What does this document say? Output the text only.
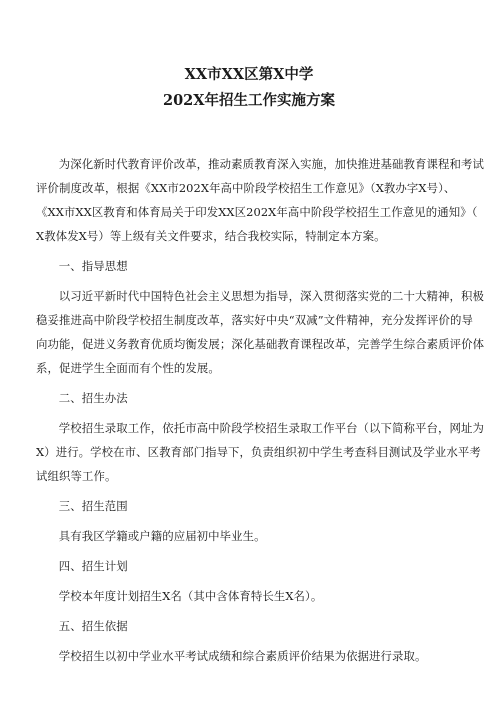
XX市XX区第X中学

202X年招生工作实施方案

为深化新时代教育评价改革，推动素质教育深入实施，加快推进基础教育课程和考试
评价制度改革，根据《XX市202X年高中阶段学校招生工作意见》（X教办字X号）、
《XX市XX区教育和体育局关于印发XX区202X年高中阶段学校招生工作意见的通知》（
X教体发X号）等上级有关文件要求，结合我校实际，特制定本方案。

一、指导思想

以习近平新时代中国特色社会主义思想为指导，深入贯彻落实党的二十大精神，积极
稳妥推进高中阶段学校招生制度改革，落实好中央“双减”文件精神，充分发挥评价的导
向功能，促进义务教育优质均衡发展；深化基础教育课程改革，完善学生综合素质评价体
系，促进学生全面而有个性的发展。

二、招生办法

学校招生录取工作，依托市高中阶段学校招生录取工作平台（以下简称平台，网址为
X）进行。学校在市、区教育部门指导下，负责组织初中学生考查科目测试及学业水平考
试组织等工作。

三、招生范围

具有我区学籍或户籍的应届初中毕业生。

四、招生计划

学校本年度计划招生X名（其中含体育特长生X名）。

五、招生依据

学校招生以初中学业水平考试成绩和综合素质评价结果为依据进行录取。
